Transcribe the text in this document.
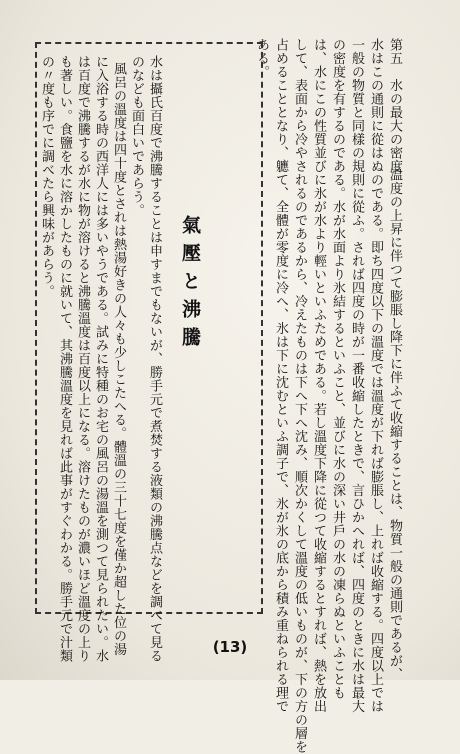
第五　水の最大の密度
温度の上昇に伴つて膨脹し降下に伴ふて收縮することは、物質一般の通則であるが、
水はこの通則に從はぬのである。即ち四度以下の溫度では溫度が下れば膨脹し、上れば收縮する。四度以上では
一般の物質と同樣の規則に從ふ。されば四度の時が一番收縮したときで、言ひかへれば、四度のときに水は最大
の密度を有するのである。水が水面より氷結するといふこと、並びに水の深い井戶の水の凍らぬといふことも
は、水にこの性質並びに氷が水より輕いといふためである。若し溫度下降に從つて收縮するとすれば、熱を放出
して、表面から冷やされるのであるから、冷えたものは下へ下へ沈み、順次かくして溫度の低いものが、下の方の層を
占めることとなり、軈て、全體が零度に冷へ、氷は下に沈むといふ調子で、氷が氷の底から積み重ねられる理で
ある。
氣壓と沸騰
水は攝氏百度で沸騰することは申すまでもないが、勝手元で煮焚する液類の沸騰点などを調べて見る
のなども面白いであらう。
風呂の溫度は四十度とされは熱湯好きの人々も少しこたへる。體溫の三十七度を僅か超した位の湯
に入浴する時の西洋人には多いやうである。試みに特種のお宅の風呂の湯溫を測つて見られたい。水
は百度で沸騰するが水に物が溶けると沸騰溫度は百度以上になる。溶けたものが濃いほど溫度の上り
も著しい。食鹽を水に溶かしたものに就いて、其沸騰溫度を見れば此事がすぐわかる。勝手元で汁類
の〃度も序でに調べたら興味があらう。
(13)
